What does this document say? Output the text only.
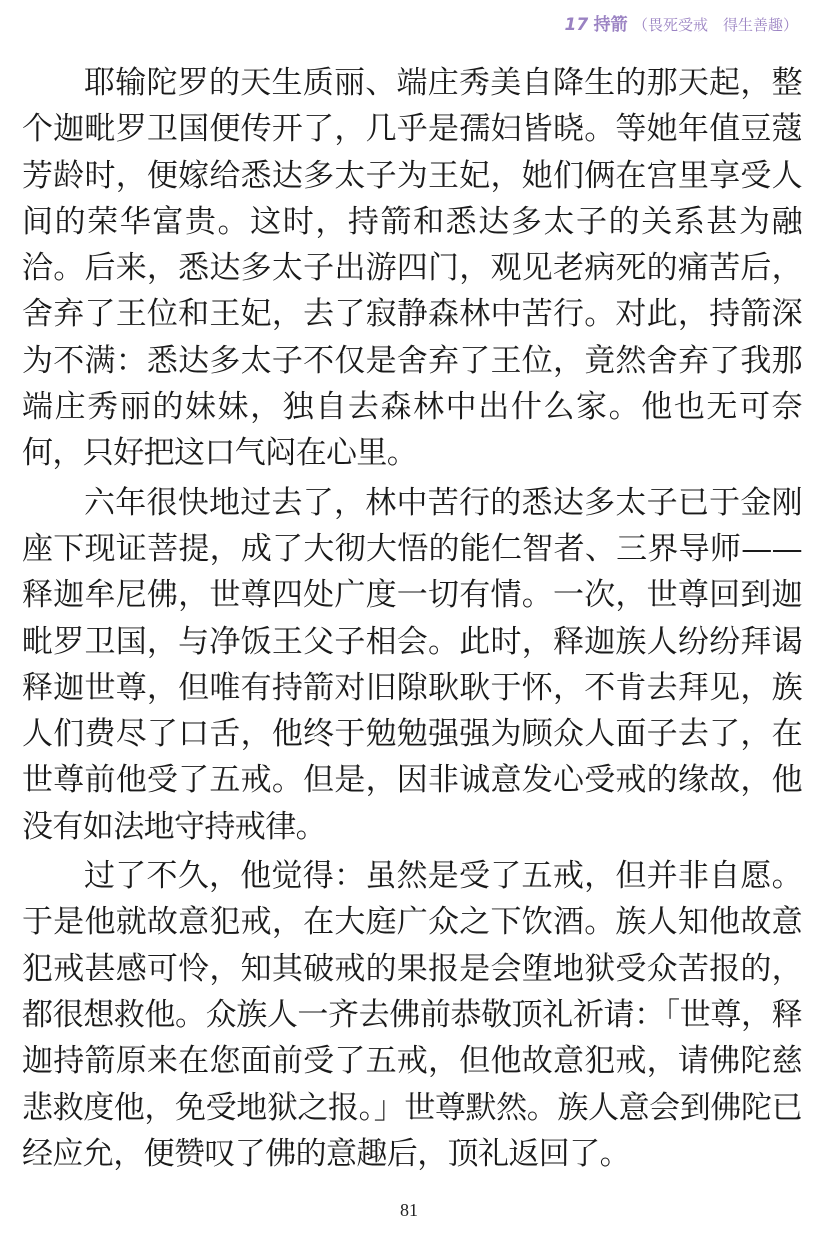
17 持箭 （畏死受戒　得生善趣）

耶输陀罗的天生质丽、端庄秀美自降生的那天起，整个迦毗罗卫国便传开了，几乎是孺妇皆晓。等她年值豆蔻芳龄时，便嫁给悉达多太子为王妃，她们俩在宫里享受人间的荣华富贵。这时，持箭和悉达多太子的关系甚为融洽。后来，悉达多太子出游四门，观见老病死的痛苦后，舍弃了王位和王妃，去了寂静森林中苦行。对此，持箭深为不满：悉达多太子不仅是舍弃了王位，竟然舍弃了我那端庄秀丽的妹妹，独自去森林中出什么家。他也无可奈何，只好把这口气闷在心里。

六年很快地过去了，林中苦行的悉达多太子已于金刚座下现证菩提，成了大彻大悟的能仁智者、三界导师——释迦牟尼佛，世尊四处广度一切有情。一次，世尊回到迦毗罗卫国，与净饭王父子相会。此时，释迦族人纷纷拜谒释迦世尊，但唯有持箭对旧隙耿耿于怀，不肯去拜见，族人们费尽了口舌，他终于勉勉强强为顾众人面子去了，在世尊前他受了五戒。但是，因非诚意发心受戒的缘故，他没有如法地守持戒律。

过了不久，他觉得：虽然是受了五戒，但并非自愿。于是他就故意犯戒，在大庭广众之下饮酒。族人知他故意犯戒甚感可怜，知其破戒的果报是会堕地狱受众苦报的，都很想救他。众族人一齐去佛前恭敬顶礼祈请：「世尊，释迦持箭原来在您面前受了五戒，但他故意犯戒，请佛陀慈悲救度他，免受地狱之报。」世尊默然。族人意会到佛陀已经应允，便赞叹了佛的意趣后，顶礼返回了。

81
